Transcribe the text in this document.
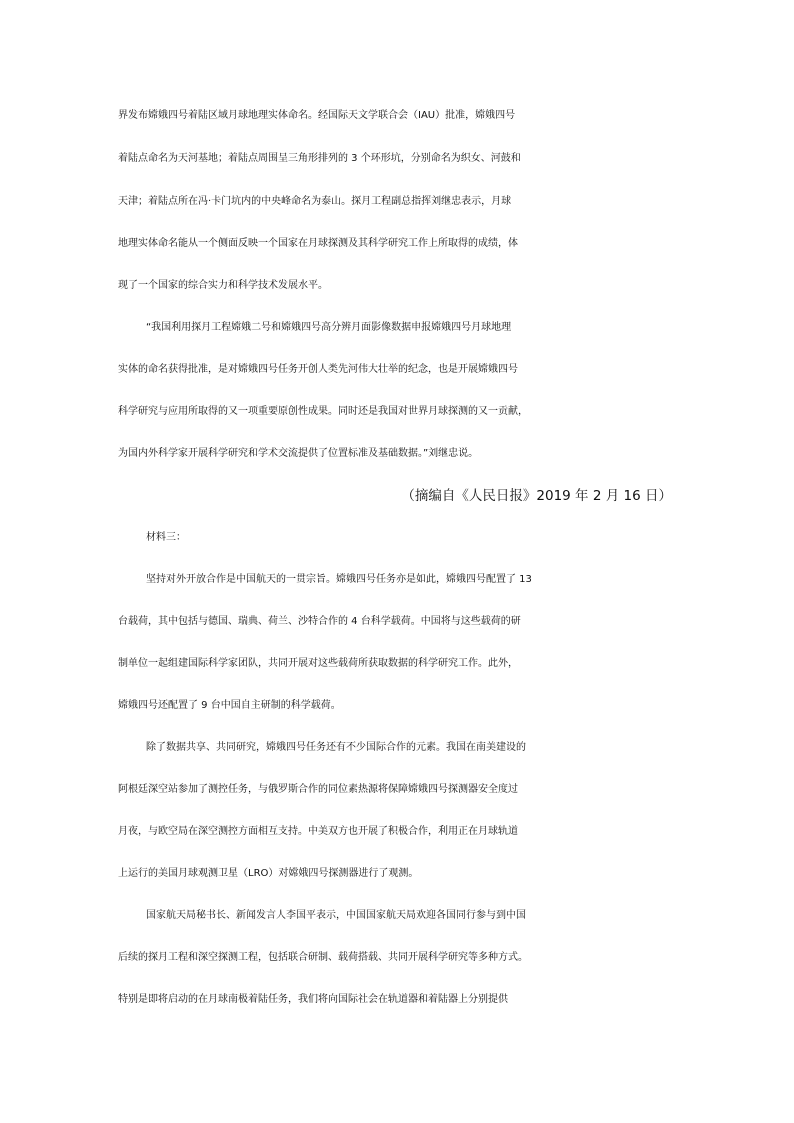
界发布嫦娥四号着陆区域月球地理实体命名。经国际天文学联合会（IAU）批准，嫦娥四号
着陆点命名为天河基地；着陆点周围呈三角形排列的 3 个环形坑，分别命名为织女、河鼓和
天津；着陆点所在冯·卡门坑内的中央峰命名为泰山。探月工程副总指挥刘继忠表示，月球
地理实体命名能从一个侧面反映一个国家在月球探测及其科学研究工作上所取得的成绩，体
现了一个国家的综合实力和科学技术发展水平。
“我国利用探月工程嫦娥二号和嫦娥四号高分辨月面影像数据申报嫦娥四号月球地理
实体的命名获得批准，是对嫦娥四号任务开创人类先河伟大壮举的纪念，也是开展嫦娥四号
科学研究与应用所取得的又一项重要原创性成果。同时还是我国对世界月球探测的又一贡献，
为国内外科学家开展科学研究和学术交流提供了位置标准及基础数据。”刘继忠说。
（摘编自《人民日报》2019 年 2 月 16 日）
材料三：
坚持对外开放合作是中国航天的一贯宗旨。嫦娥四号任务亦是如此，嫦娥四号配置了 13
台载荷，其中包括与德国、瑞典、荷兰、沙特合作的 4 台科学载荷。中国将与这些载荷的研
制单位一起组建国际科学家团队，共同开展对这些载荷所获取数据的科学研究工作。此外，
嫦娥四号还配置了 9 台中国自主研制的科学载荷。
除了数据共享、共同研究，嫦娥四号任务还有不少国际合作的元素。我国在南美建设的
阿根廷深空站参加了测控任务，与俄罗斯合作的同位素热源将保障嫦娥四号探测器安全度过
月夜，与欧空局在深空测控方面相互支持。中美双方也开展了积极合作，利用正在月球轨道
上运行的美国月球观测卫星（LRO）对嫦娥四号探测器进行了观测。
国家航天局秘书长、新闻发言人李国平表示，中国国家航天局欢迎各国同行参与到中国
后续的探月工程和深空探测工程，包括联合研制、载荷搭载、共同开展科学研究等多种方式。
特别是即将启动的在月球南极着陆任务，我们将向国际社会在轨道器和着陆器上分别提供
